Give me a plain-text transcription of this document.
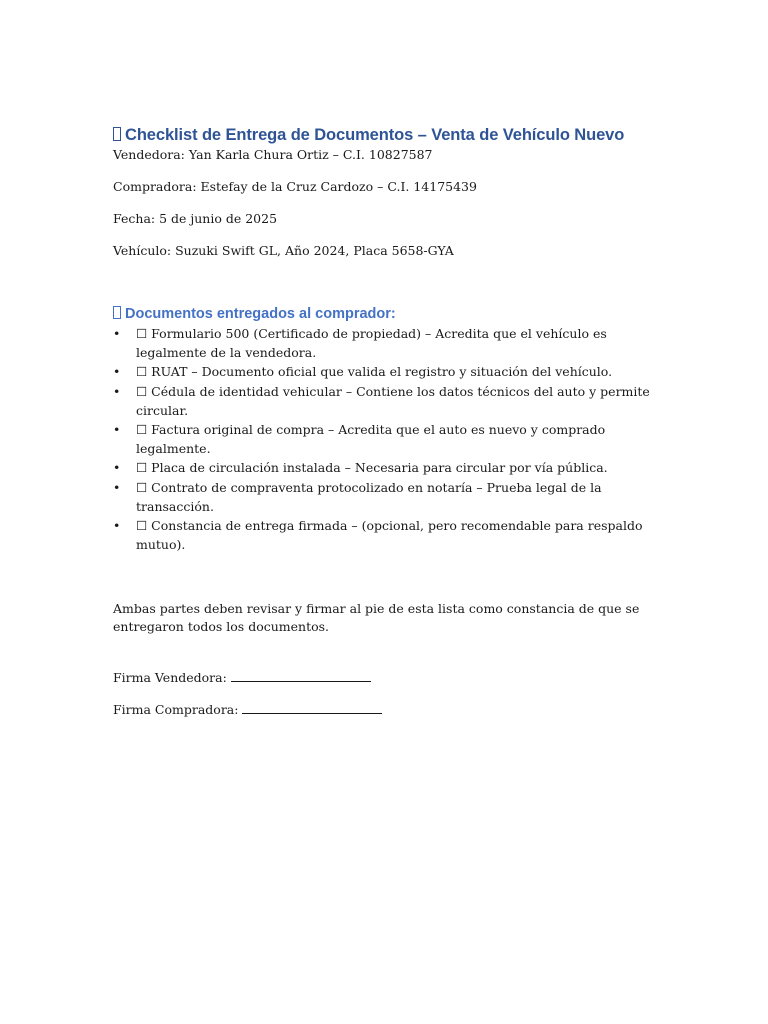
Checklist de Entrega de Documentos – Venta de Vehículo Nuevo

Vendedora: Yan Karla Chura Ortiz – C.I. 10827587

Compradora: Estefay de la Cruz Cardozo – C.I. 14175439

Fecha: 5 de junio de 2025

Vehículo: Suzuki Swift GL, Año 2024, Placa 5658-GYA

Documentos entregados al comprador:
• ☐ Formulario 500 (Certificado de propiedad) – Acredita que el vehículo es legalmente de la vendedora.
• ☐ RUAT – Documento oficial que valida el registro y situación del vehículo.
• ☐ Cédula de identidad vehicular – Contiene los datos técnicos del auto y permite circular.
• ☐ Factura original de compra – Acredita que el auto es nuevo y comprado legalmente.
• ☐ Placa de circulación instalada – Necesaria para circular por vía pública.
• ☐ Contrato de compraventa protocolizado en notaría – Prueba legal de la transacción.
• ☐ Constancia de entrega firmada – (opcional, pero recomendable para respaldo mutuo).

Ambas partes deben revisar y firmar al pie de esta lista como constancia de que se entregaron todos los documentos.

Firma Vendedora:

Firma Compradora:
